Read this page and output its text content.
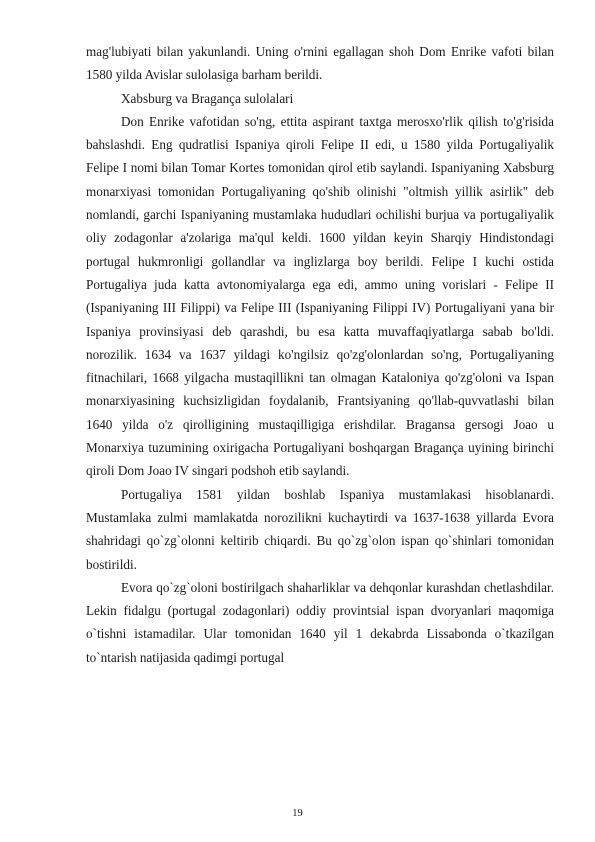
mag'lubiyati bilan yakunlandi. Uning o'rnini egallagan shoh Dom Enrike vafoti bilan 1580 yilda Avislar sulolasiga barham berildi.

Xabsburg va Bragança sulolalari

Don Enrike vafotidan so'ng, ettita aspirant taxtga merosxo'rlik qilish to'g'risida bahslashdi. Eng qudratlisi Ispaniya qiroli Felipe II edi, u 1580 yilda Portugaliyalik Felipe I nomi bilan Tomar Kortes tomonidan qirol etib saylandi. Ispaniyaning Xabsburg monarxiyasi tomonidan Portugaliyaning qo'shib olinishi "oltmish yillik asirlik" deb nomlandi, garchi Ispaniyaning mustamlaka hududlari ochilishi burjua va portugaliyalik oliy zodagonlar a'zolariga ma'qul keldi. 1600 yildan keyin Sharqiy Hindistondagi portugal hukmronligi gollandlar va inglizlarga boy berildi. Felipe I kuchi ostida Portugaliya juda katta avtonomiyalarga ega edi, ammo uning vorislari - Felipe II (Ispaniyaning III Filippi) va Felipe III (Ispaniyaning Filippi IV) Portugaliyani yana bir Ispaniya provinsiyasi deb qarashdi, bu esa katta muvaffaqiyatlarga sabab bo'ldi. norozilik. 1634 va 1637 yildagi ko'ngilsiz qo'zg'olonlardan so'ng, Portugaliyaning fitnachilari, 1668 yilgacha mustaqillikni tan olmagan Kataloniya qo'zg'oloni va Ispan monarxiyasining kuchsizligidan foydalanib, Frantsiyaning qo'llab-quvvatlashi bilan 1640 yilda o'z qirolligining mustaqilligiga erishdilar. Bragansa gersogi Joao u Monarxiya tuzumining oxirigacha Portugaliyani boshqargan Bragança uyining birinchi qiroli Dom Joao IV singari podshoh etib saylandi.

Portugaliya 1581 yildan boshlab Ispaniya mustamlakasi hisoblanardi. Mustamlaka zulmi mamlakatda norozilikni kuchaytirdi va 1637-1638 yillarda Evora shahridagi qo`zg`olonni keltirib chiqardi. Bu qo`zg`olon ispan qo`shinlari tomonidan bostirildi.

Evora qo`zg`oloni bostirilgach shaharliklar va dehqonlar kurashdan chetlashdilar. Lekin fidalgu (portugal zodagonlari) oddiy provintsial ispan dvoryanlari maqomiga o`tishni istamadilar. Ular tomonidan 1640 yil 1 dekabrda Lissabonda o`tkazilgan to`ntarish natijasida qadimgi portugal

19
